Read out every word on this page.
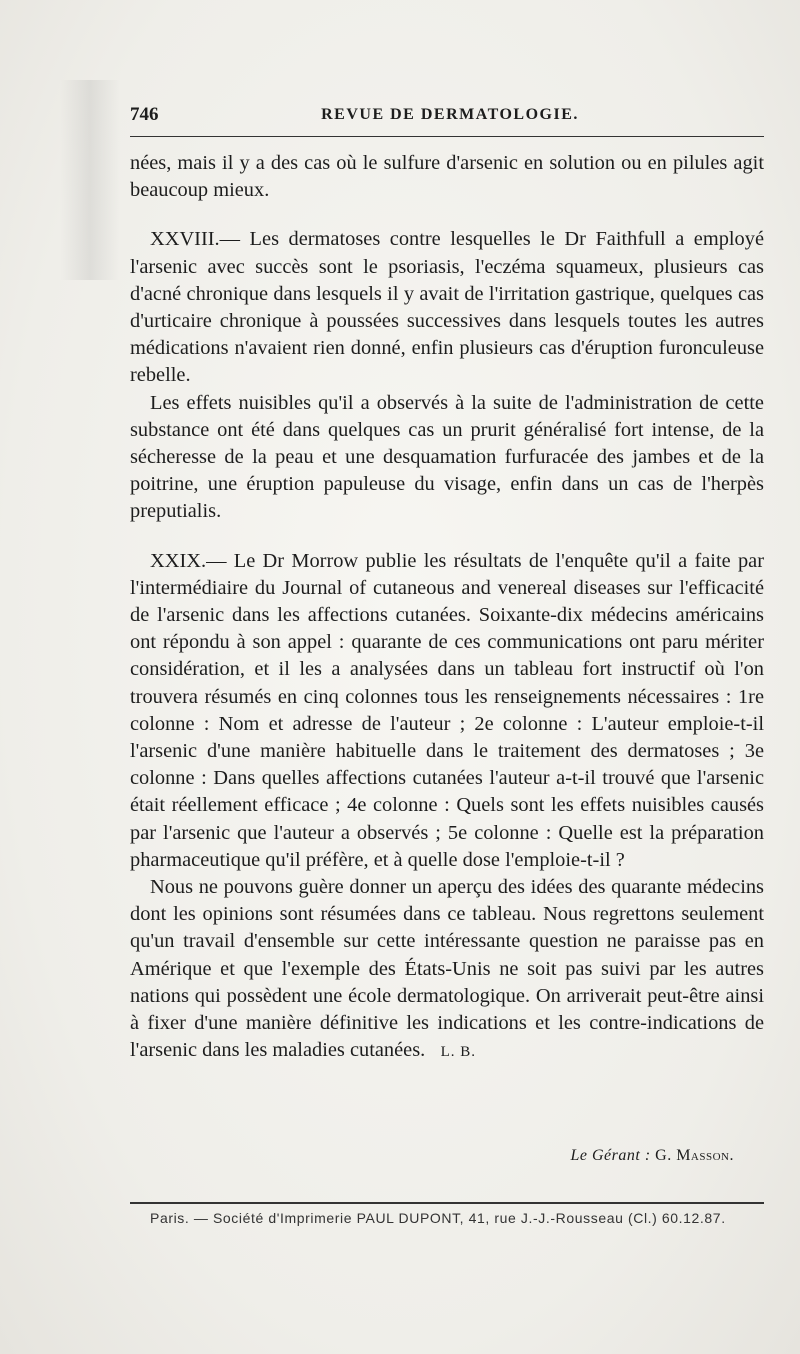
746	REVUE DE DERMATOLOGIE.

nées, mais il y a des cas où le sulfure d'arsenic en solution ou en pilules agit beaucoup mieux.

XXVIII.— Les dermatoses contre lesquelles le Dr Faithfull a employé l'arsenic avec succès sont le psoriasis, l'eczéma squameux, plusieurs cas d'acné chronique dans lesquels il y avait de l'irritation gastrique, quelques cas d'urticaire chronique à poussées successives dans lesquels toutes les autres médications n'avaient rien donné, enfin plusieurs cas d'éruption furonculeuse rebelle.

Les effets nuisibles qu'il a observés à la suite de l'administration de cette substance ont été dans quelques cas un prurit généralisé fort intense, de la sécheresse de la peau et une desquamation furfuracée des jambes et de la poitrine, une éruption papuleuse du visage, enfin dans un cas de l'herpès preputialis.

XXIX.— Le Dr Morrow publie les résultats de l'enquête qu'il a faite par l'intermédiaire du Journal of cutaneous and venereal diseases sur l'efficacité de l'arsenic dans les affections cutanées. Soixante-dix médecins américains ont répondu à son appel : quarante de ces communications ont paru mériter considération, et il les a analysées dans un tableau fort instructif où l'on trouvera résumés en cinq colonnes tous les renseignements nécessaires : 1re colonne : Nom et adresse de l'auteur ; 2e colonne : L'auteur emploie-t-il l'arsenic d'une manière habituelle dans le traitement des dermatoses ; 3e colonne : Dans quelles affections cutanées l'auteur a-t-il trouvé que l'arsenic était réellement efficace ; 4e colonne : Quels sont les effets nuisibles causés par l'arsenic que l'auteur a observés ; 5e colonne : Quelle est la préparation pharmaceutique qu'il préfère, et à quelle dose l'emploie-t-il ?

Nous ne pouvons guère donner un aperçu des idées des quarante médecins dont les opinions sont résumées dans ce tableau. Nous regrettons seulement qu'un travail d'ensemble sur cette intéressante question ne paraisse pas en Amérique et que l'exemple des États-Unis ne soit pas suivi par les autres nations qui possèdent une école dermatologique. On arriverait peut-être ainsi à fixer d'une manière définitive les indications et les contre-indications de l'arsenic dans les maladies cutanées. L. B.

Le Gérant : G. Masson.
Paris. — Société d'Imprimerie PAUL DUPONT, 41, rue J.-J.-Rousseau (Cl.) 60.12.87.
